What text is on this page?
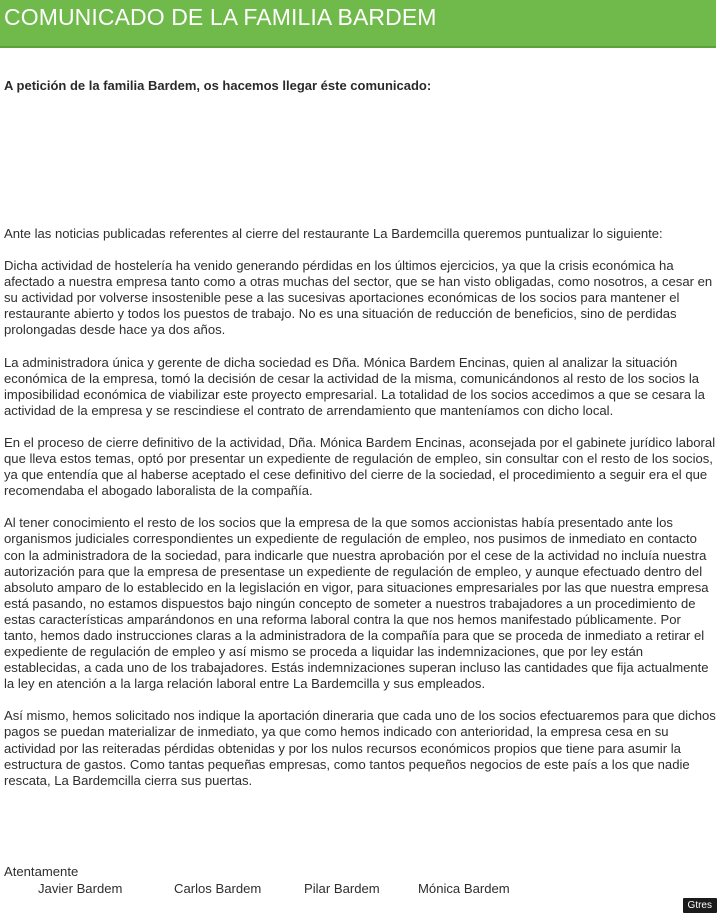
COMUNICADO DE LA FAMILIA BARDEM
A petición de la familia Bardem, os hacemos llegar éste comunicado:

Ante las noticias publicadas referentes al cierre del restaurante La Bardemcilla queremos puntualizar lo siguiente:

Dicha actividad de hostelería ha venido generando pérdidas en los últimos ejercicios, ya que la crisis económica ha afectado a nuestra empresa tanto como a otras muchas del sector, que se han visto obligadas, como nosotros, a cesar en su actividad por volverse insostenible pese a las sucesivas aportaciones económicas de los socios para mantener el restaurante abierto y todos los puestos de trabajo. No es una situación de reducción de beneficios, sino de perdidas prolongadas desde hace ya dos años.

La administradora única y gerente de dicha sociedad es Dña. Mónica Bardem Encinas, quien al analizar la situación económica de la empresa, tomó la decisión de cesar la actividad de la misma, comunicándonos al resto de los socios la imposibilidad económica de viabilizar este proyecto empresarial. La totalidad de los socios accedimos a que se cesara la actividad de la empresa y se rescindiese el contrato de arrendamiento que manteníamos con dicho local.

En el proceso de cierre definitivo de la actividad, Dña. Mónica Bardem Encinas, aconsejada por el gabinete jurídico laboral que lleva estos temas, optó por presentar un expediente de regulación de empleo, sin consultar con el resto de los socios, ya que entendía que al haberse aceptado el cese definitivo del cierre de la sociedad, el procedimiento a seguir era el que recomendaba el abogado laboralista de la compañía.

Al tener conocimiento el resto de los socios que la empresa de la que somos accionistas había presentado ante los organismos judiciales correspondientes un expediente de regulación de empleo, nos pusimos de inmediato en contacto con la administradora de la sociedad, para indicarle que nuestra aprobación por el cese de la actividad no incluía nuestra autorización para que la empresa de presentase un expediente de regulación de empleo, y aunque efectuado dentro del absoluto amparo de lo establecido en la legislación en vigor, para situaciones empresariales por las que nuestra empresa está pasando, no estamos dispuestos bajo ningún concepto de someter a nuestros trabajadores a un procedimiento de estas características amparándonos en una reforma laboral contra la que nos hemos manifestado públicamente. Por tanto, hemos dado instrucciones claras a la administradora de la compañía para que se proceda de inmediato a retirar el expediente de regulación de empleo y así mismo se proceda a liquidar las indemnizaciones, que por ley están establecidas, a cada uno de los trabajadores. Estás indemnizaciones superan incluso las cantidades que fija actualmente la ley en atención a la larga relación laboral entre La Bardemcilla y sus empleados.

Así mismo, hemos solicitado nos indique la aportación dineraria que cada uno de los socios efectuaremos para que dichos pagos se puedan materializar de inmediato, ya que como hemos indicado con anterioridad, la empresa cesa en su actividad por las reiteradas pérdidas obtenidas y por los nulos recursos económicos propios que tiene para asumir la estructura de gastos. Como tantas pequeñas empresas, como tantos pequeños negocios de este país a los que nadie rescata, La Bardemcilla cierra sus puertas.

Atentamente
Javier Bardem	Carlos Bardem	Pilar Bardem	Mónica Bardem
Gtres
